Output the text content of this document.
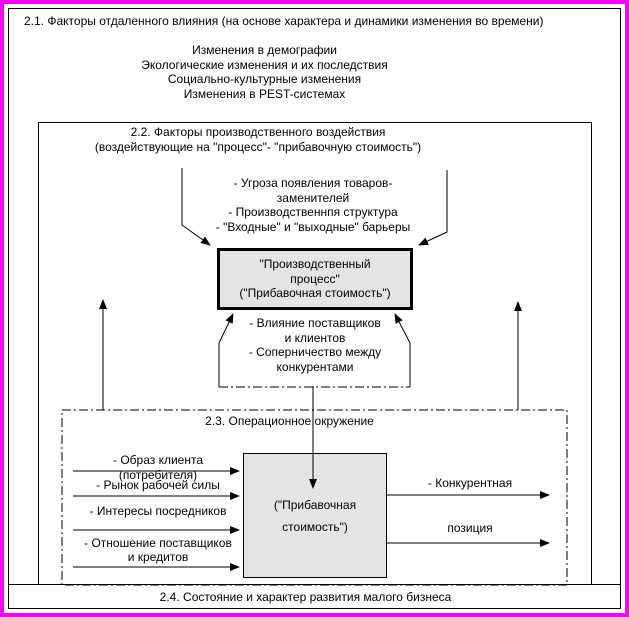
"Производственный
процесс"
("Прибавочная стоимость")
("Прибавочная
стоимость")
2.1. Факторы отдаленного влияния (на основе характера и динамики изменения во времени)
Изменения в демографии
Экологические изменения и их последствия
Социально-культурные изменения
Изменения в PEST-системах
2.2. Факторы производственного воздействия
(воздействующие на "процесс"- "прибавочную стоимость")
- Угроза появления товаров-
заменителей
- Производственнпя структура
- "Входные" и "выходные" барьеры
- Влияние поставщиков
и клиентов
- Соперничество между
конкурентами
2.3. Операционное окружение
- Образ клиента (потребителя)
- Рынок рабочей силы
- Интересы посредников
- Отношение поставщиков
и кредитов
- Конкурентная
позиция
2.4. Состояние и характер развития малого бизнеса
